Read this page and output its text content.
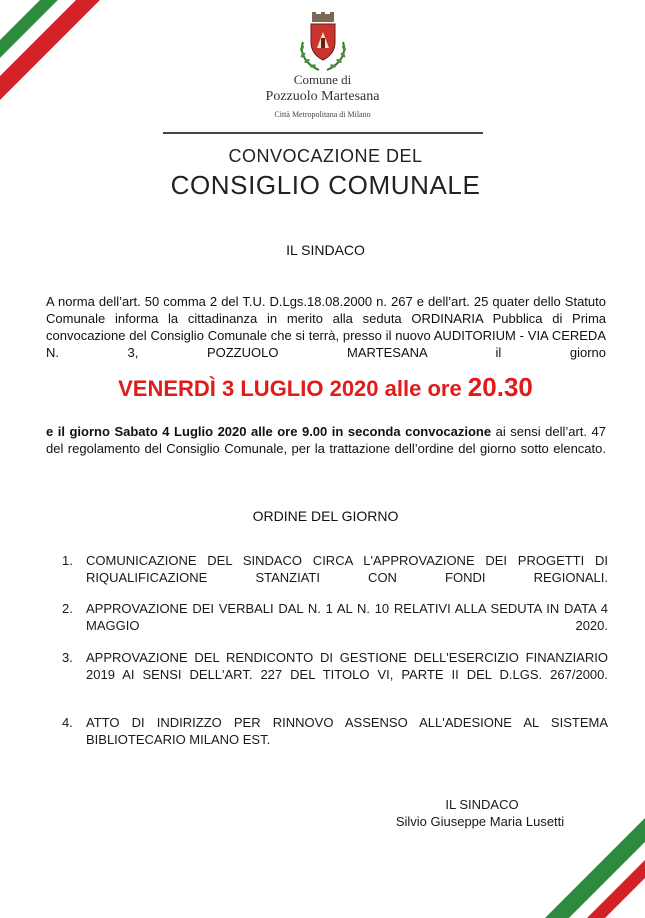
Comune di
Pozzuolo Martesana
Città Metropolitana di Milano
CONVOCAZIONE DEL
CONSIGLIO COMUNALE
IL SINDACO
A norma dell’art. 50 comma 2 del T.U. D.Lgs.18.08.2000 n. 267 e dell’art. 25 quater dello Statuto Comunale informa la cittadinanza in merito alla seduta ORDINARIA Pubblica di Prima convocazione del Consiglio Comunale che si terrà, presso il nuovo AUDITORIUM - VIA CEREDA N. 3, POZZUOLO MARTESANA il giorno
VENERDÌ 3 LUGLIO 2020 alle ore 20.30
e il giorno Sabato 4 Luglio 2020 alle ore 9.00 in seconda convocazione ai sensi dell’art. 47 del regolamento del Consiglio Comunale, per la trattazione dell’ordine del giorno sotto elencato.
ORDINE DEL GIORNO
1.	COMUNICAZIONE DEL SINDACO CIRCA L'APPROVAZIONE DEI PROGETTI DI RIQUALIFICAZIONE STANZIATI CON FONDI REGIONALI.
2.	APPROVAZIONE DEI VERBALI DAL N. 1 AL N. 10 RELATIVI ALLA SEDUTA IN DATA 4 MAGGIO 2020.
3.	APPROVAZIONE DEL RENDICONTO DI GESTIONE DELL'ESERCIZIO FINANZIARIO 2019 AI SENSI DELL'ART. 227 DEL TITOLO VI, PARTE II DEL D.LGS. 267/2000.
4.	ATTO DI INDIRIZZO PER RINNOVO ASSENSO ALL'ADESIONE AL SISTEMA BIBLIOTECARIO MILANO EST.
IL SINDACO
Silvio Giuseppe Maria Lusetti
